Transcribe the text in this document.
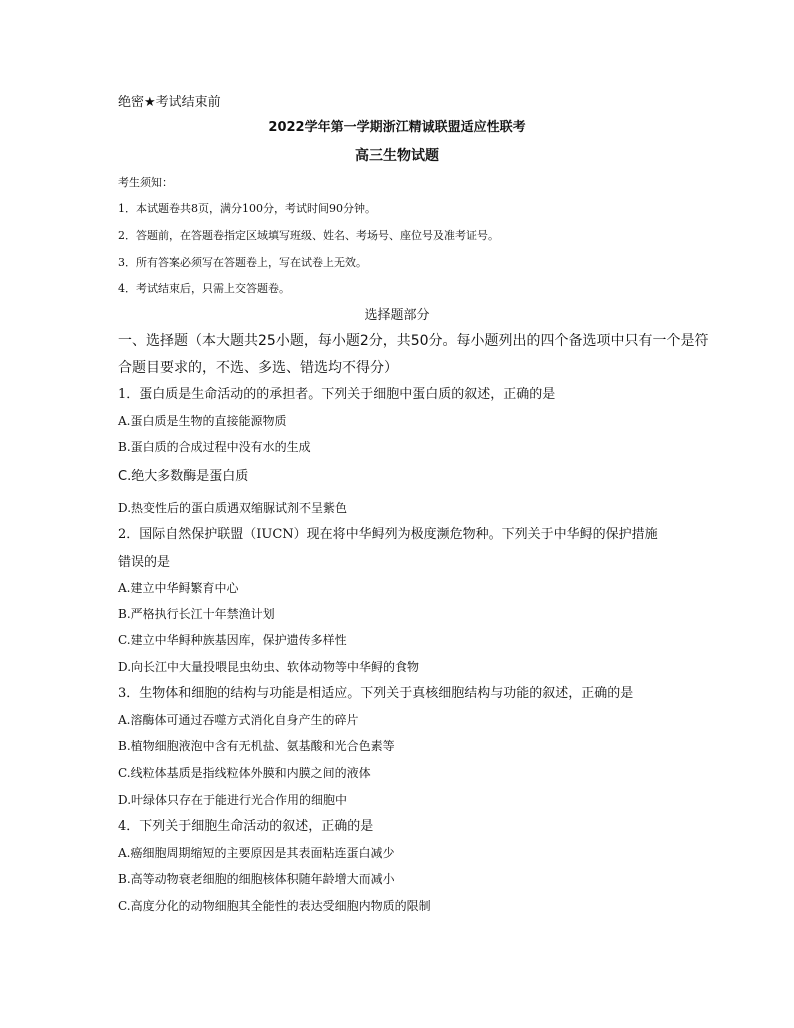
绝密★考试结束前
2022学年第一学期浙江精诚联盟适应性联考
高三生物试题
考生须知：
1．本试题卷共8页，满分100分，考试时间90分钟。
2．答题前，在答题卷指定区域填写班级、姓名、考场号、座位号及准考证号。
3．所有答案必须写在答题卷上，写在试卷上无效。
4．考试结束后，只需上交答题卷。
选择题部分
一、选择题（本大题共25小题，每小题2分，共50分。每小题列出的四个备选项中只有一个是符
合题目要求的，不选、多选、错选均不得分）
1．蛋白质是生命活动的的承担者。下列关于细胞中蛋白质的叙述，正确的是
A.蛋白质是生物的直接能源物质
B.蛋白质的合成过程中没有水的生成
C.绝大多数酶是蛋白质
D.热变性后的蛋白质遇双缩脲试剂不呈紫色
2．国际自然保护联盟（IUCN）现在将中华鲟列为极度濒危物种。下列关于中华鲟的保护措施
错误的是
A.建立中华鲟繁育中心
B.严格执行长江十年禁渔计划
C.建立中华鲟种族基因库，保护遗传多样性
D.向长江中大量投喂昆虫幼虫、软体动物等中华鲟的食物
3．生物体和细胞的结构与功能是相适应。下列关于真核细胞结构与功能的叙述，正确的是
A.溶酶体可通过吞噬方式消化自身产生的碎片
B.植物细胞液泡中含有无机盐、氨基酸和光合色素等
C.线粒体基质是指线粒体外膜和内膜之间的液体
D.叶绿体只存在于能进行光合作用的细胞中
4．下列关于细胞生命活动的叙述，正确的是
A.癌细胞周期缩短的主要原因是其表面粘连蛋白减少
B.高等动物衰老细胞的细胞核体积随年龄增大而减小
C.高度分化的动物细胞其全能性的表达受细胞内物质的限制
